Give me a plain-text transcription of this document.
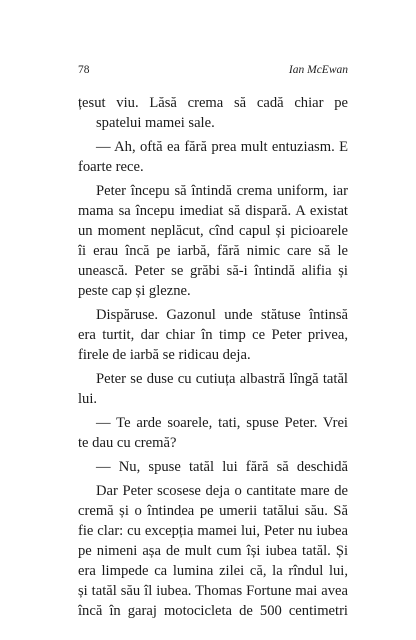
78	Ian McEwan
țesut viu. Lăsă crema să cadă chiar pe
spatelui mamei sale.
— Ah, oftă ea fără prea mult entuziasm. E
foarte rece.
Peter începu să întindă crema uniform, iar
mama sa începu imediat să dispară. A existat
un moment neplăcut, cînd capul și picioarele
îi erau încă pe iarbă, fără nimic care să le
unească. Peter se grăbi să-i întindă alifia și
peste cap și glezne.
Dispăruse. Gazonul unde stătuse întinsă
era turtit, dar chiar în timp ce Peter privea,
firele de iarbă se ridicau deja.
Peter se duse cu cutiuța albastră lîngă tatăl
lui.
— Te arde soarele, tati, spuse Peter. Vrei
te dau cu cremă?
— Nu, spuse tatăl lui fără să deschidă
Dar Peter scosese deja o cantitate mare de
cremă și o întindea pe umerii tatălui său. Să
fie clar: cu excepția mamei lui, Peter nu iubea
pe nimeni așa de mult cum își iubea tatăl. Și
era limpede ca lumina zilei că, la rîndul lui,
și tatăl său îl iubea. Thomas Fortune mai avea
încă în garaj motocicleta de 500 centimetri
